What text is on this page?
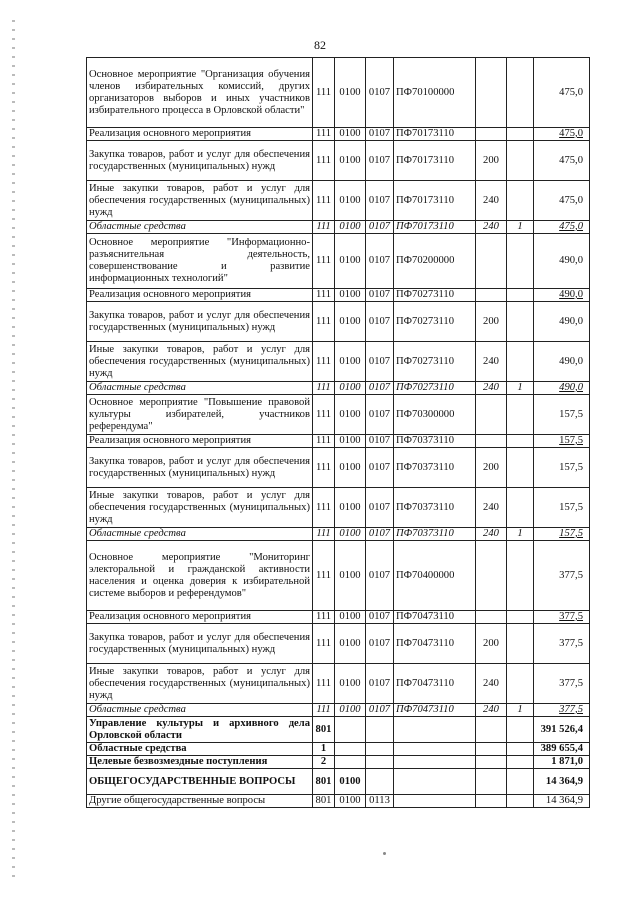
82
Основное мероприятие "Организация обучения членов избирательных комиссий, других организаторов выборов и иных участников избирательного процесса в Орловской области"	111	0100	0107	ПФ70100000			475,0
Реализация основного мероприятия	111	0100	0107	ПФ70173110			475,0
Закупка товаров, работ и услуг для обеспечения государственных (муниципальных) нужд	111	0100	0107	ПФ70173110	200		475,0
Иные закупки товаров, работ и услуг для обеспечения государственных (муниципальных) нужд	111	0100	0107	ПФ70173110	240		475,0
Областные средства	111	0100	0107	ПФ70173110	240	1	475,0
Основное мероприятие "Информационно-разъяснительная деятельность, совершенствование и развитие информационных технологий"	111	0100	0107	ПФ70200000			490,0
Реализация основного мероприятия	111	0100	0107	ПФ70273110			490,0
Закупка товаров, работ и услуг для обеспечения государственных (муниципальных) нужд	111	0100	0107	ПФ70273110	200		490,0
Иные закупки товаров, работ и услуг для обеспечения государственных (муниципальных) нужд	111	0100	0107	ПФ70273110	240		490,0
Областные средства	111	0100	0107	ПФ70273110	240	1	490,0
Основное мероприятие "Повышение правовой культуры избирателей, участников референдума"	111	0100	0107	ПФ70300000			157,5
Реализация основного мероприятия	111	0100	0107	ПФ70373110			157,5
Закупка товаров, работ и услуг для обеспечения государственных (муниципальных) нужд	111	0100	0107	ПФ70373110	200		157,5
Иные закупки товаров, работ и услуг для обеспечения государственных (муниципальных) нужд	111	0100	0107	ПФ70373110	240		157,5
Областные средства	111	0100	0107	ПФ70373110	240	1	157,5
Основное мероприятие "Мониторинг электоральной и гражданской активности населения и оценка доверия к избирательной системе выборов и референдумов"	111	0100	0107	ПФ70400000			377,5
Реализация основного мероприятия	111	0100	0107	ПФ70473110			377,5
Закупка товаров, работ и услуг для обеспечения государственных (муниципальных) нужд	111	0100	0107	ПФ70473110	200		377,5
Иные закупки товаров, работ и услуг для обеспечения государственных (муниципальных) нужд	111	0100	0107	ПФ70473110	240		377,5
Областные средства	111	0100	0107	ПФ70473110	240	1	377,5
Управление культуры и архивного дела Орловской области	801						391 526,4
Областные средства	1						389 655,4
Целевые безвозмездные поступления	2						1 871,0
ОБЩЕГОСУДАРСТВЕННЫЕ ВОПРОСЫ	801	0100					14 364,9
Другие общегосударственные вопросы	801	0100	0113				14 364,9
